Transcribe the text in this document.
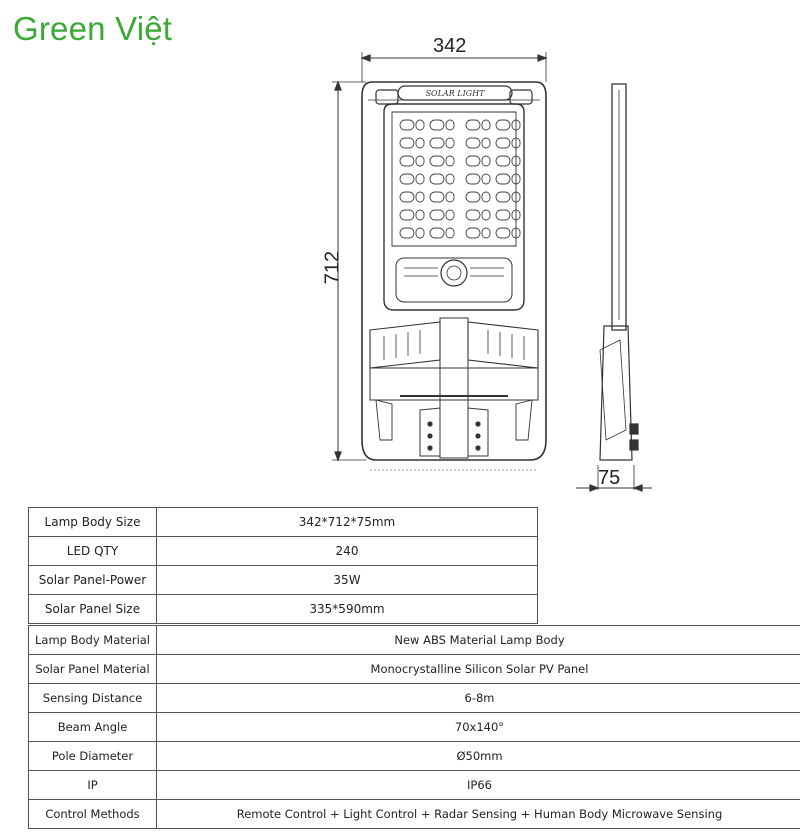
Green Việt
SOLAR LIGHT
342
712
75
Lamp Body Size	342*712*75mm
LED QTY	240
Solar Panel-Power	35W
Solar Panel Size	335*590mm
Lamp Body Material	New ABS Material Lamp Body
Solar Panel Material	Monocrystalline Silicon Solar PV Panel
Sensing Distance	6-8m
Beam Angle	70x140°
Pole Diameter	Ø50mm
IP	IP66
Control Methods	Remote Control + Light Control + Radar Sensing + Human Body Microwave Sensing
